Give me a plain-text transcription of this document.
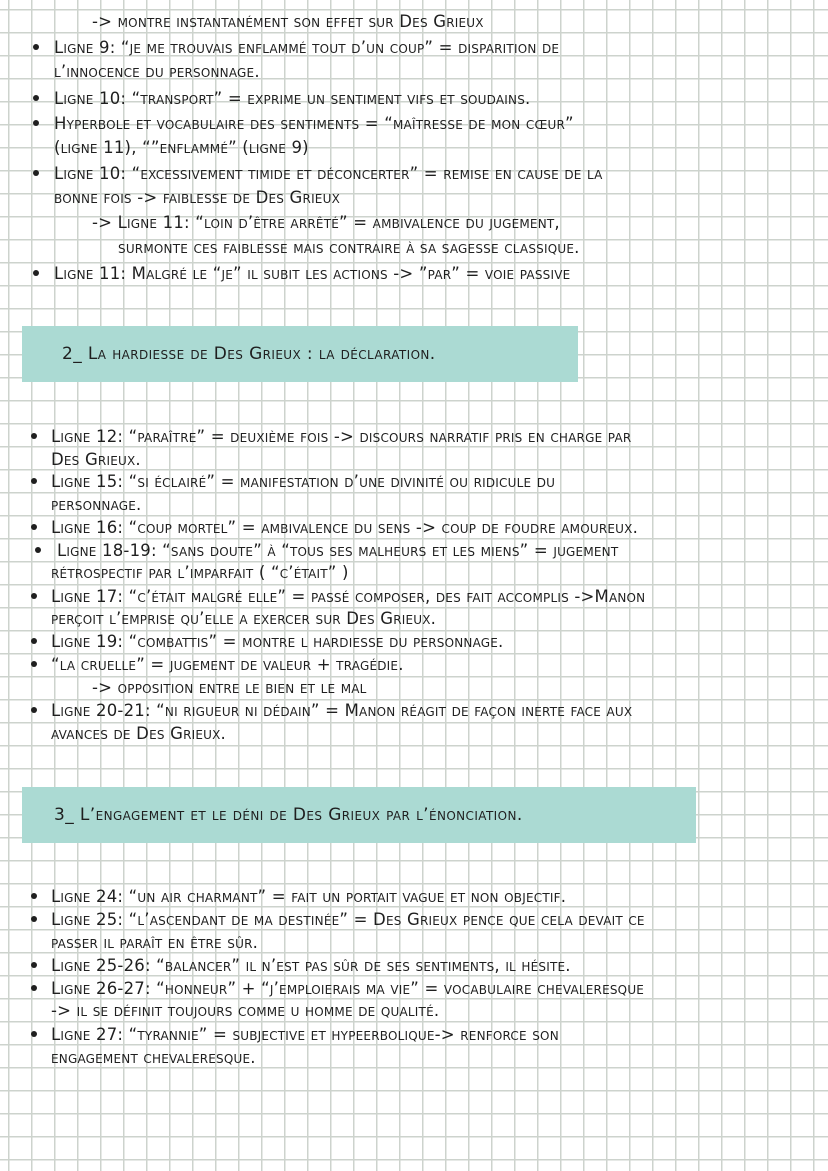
-> montre instantanément son effet sur Des Grieux
Ligne 9: “je me trouvais enflammé tout d’un coup” = disparition de
l’innocence du personnage.
Ligne 10: “transport” = exprime un sentiment vifs et soudains.
Hyperbole et vocabulaire des sentiments = “maîtresse de mon cœur”
(ligne 11), “”enflammé” (ligne 9)
Ligne 10: “excessivement timide et déconcerter” = remise en cause de la
bonne fois -> faiblesse de Des Grieux
-> Ligne 11: “loin d’être arrêté” = ambivalence du jugement,
surmonte ces faiblesse mais contraire à sa sagesse classique.
Ligne 11: Malgré le “je” il subit les actions -> ”par” = voie passive
2_ La hardiesse de Des Grieux : la déclaration.
Ligne 12: “paraître” = deuxième fois -> discours narratif pris en charge par
Des Grieux.
Ligne 15: “si éclairé” = manifestation d’une divinité ou ridicule du
personnage.
Ligne 16: “coup mortel” = ambivalence du sens -> coup de foudre amoureux.
Ligne 18-19: “sans doute” à “tous ses malheurs et les miens” = jugement
rétrospectif par l’imparfait ( “c’était” )
Ligne 17: “c’était malgré elle” = passé composer, des fait accomplis ->Manon
perçoit l’emprise qu’elle a exercer sur Des Grieux.
Ligne 19: “combattis” = montre l hardiesse du personnage.
“la cruelle” = jugement de valeur + tragédie.
-> opposition entre le bien et le mal
Ligne 20-21: “ni rigueur ni dédain” = Manon réagit de façon inerte face aux
avances de Des Grieux.
3_ L’engagement et le déni de Des Grieux par l’énonciation.
Ligne 24: “un air charmant” = fait un portait vague et non objectif.
Ligne 25: “l’ascendant de ma destinée” = Des Grieux pence que cela devait ce
passer il paraît en être sûr.
Ligne 25-26: “balancer” il n’est pas sûr de ses sentiments, il hésite.
Ligne 26-27: “honneur” + “j’emploierais ma vie” = vocabulaire chevaleresque
-> il se définit toujours comme u homme de qualité.
Ligne 27: “tyrannie” = subjective et hypeerbolique-> renforce son
engagement chevaleresque.
